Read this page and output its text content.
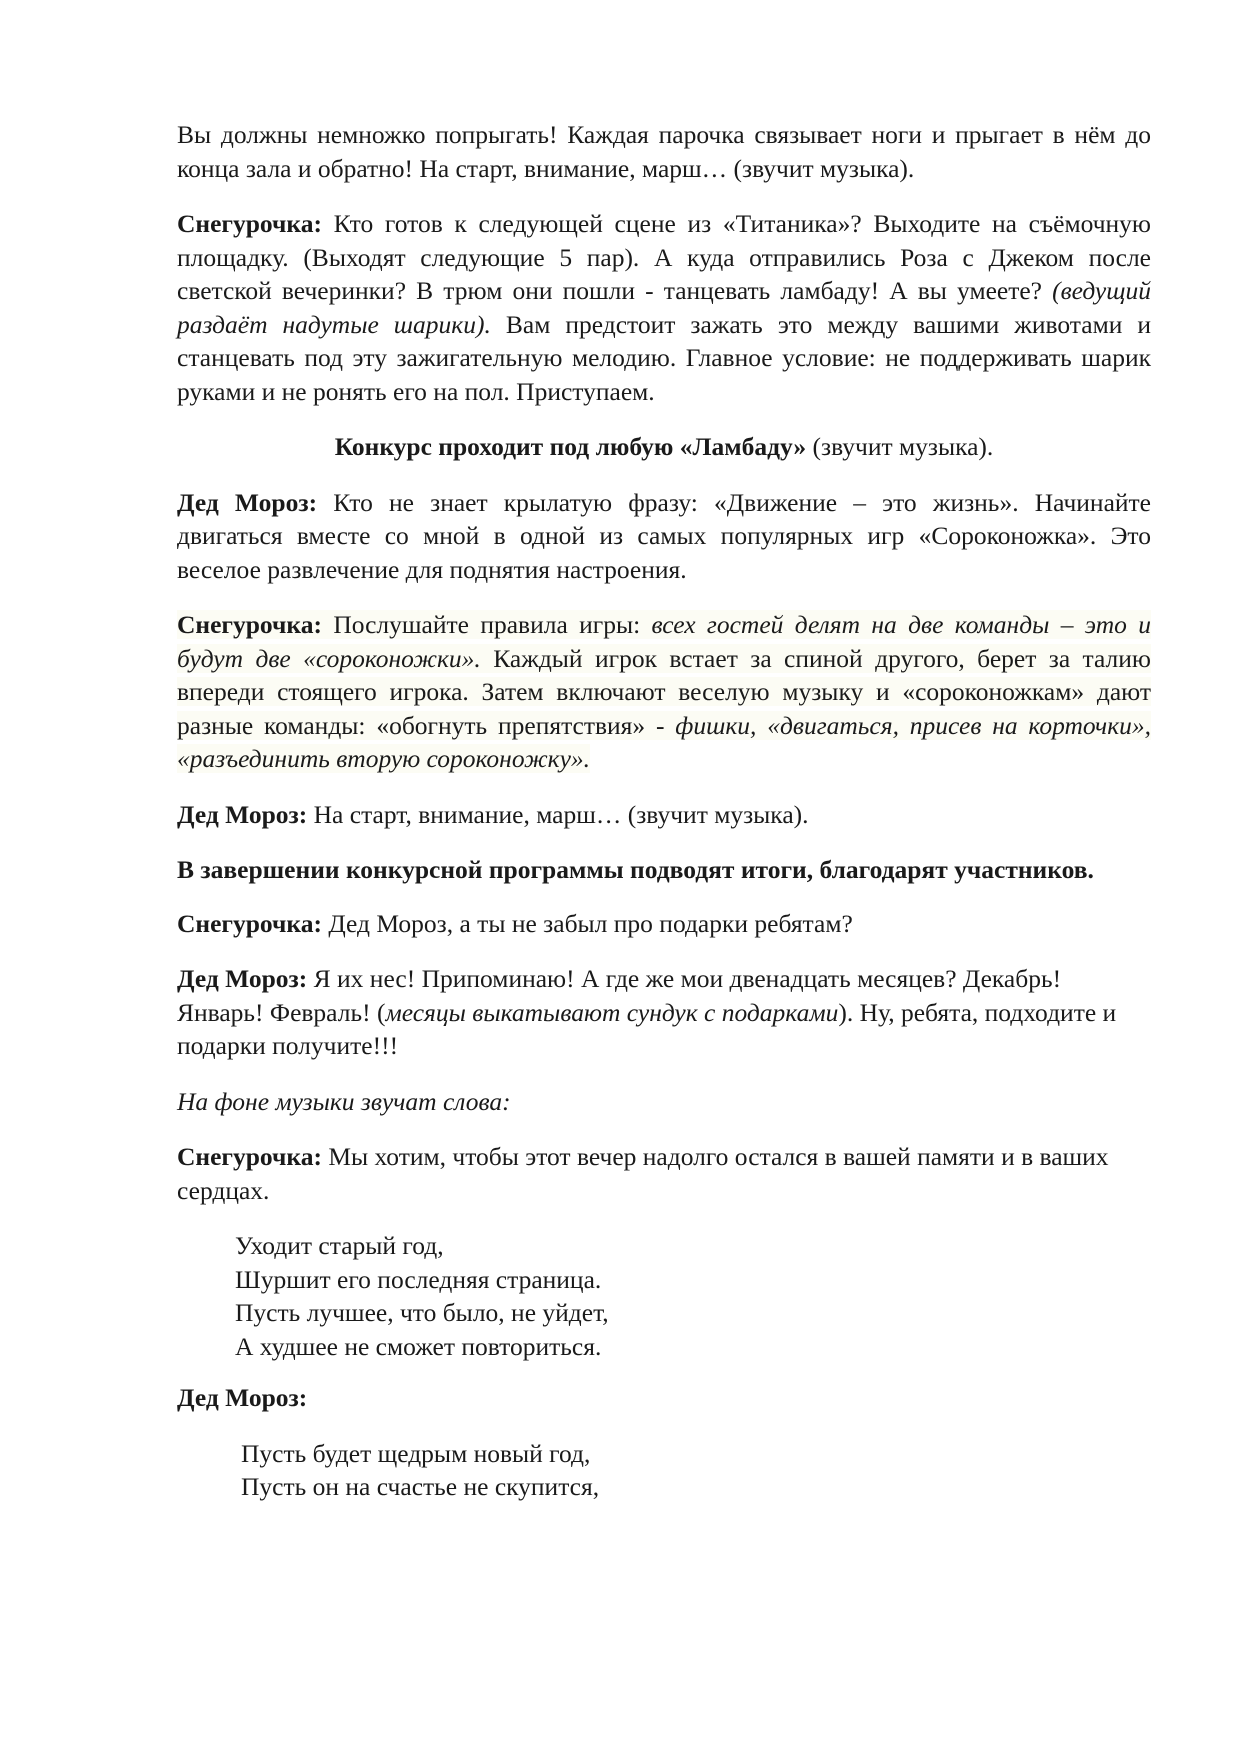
Вы должны немножко попрыгать! Каждая парочка связывает ноги и прыгает в нём до конца зала и обратно! На старт, внимание, марш… (звучит музыка).

Снегурочка: Кто готов к следующей сцене из «Титаника»? Выходите на съёмочную площадку. (Выходят следующие 5 пар). А куда отправились Роза с Джеком после светской вечеринки? В трюм они пошли - танцевать ламбаду! А вы умеете? (ведущий раздаёт надутые шарики). Вам предстоит зажать это между вашими животами и станцевать под эту зажигательную мелодию. Главное условие: не поддерживать шарик руками и не ронять его на пол. Приступаем.

Конкурс проходит под любую «Ламбаду» (звучит музыка).

Дед Мороз: Кто не знает крылатую фразу: «Движение – это жизнь». Начинайте двигаться вместе со мной в одной из самых популярных игр «Сороконожка». Это веселое развлечение для поднятия настроения.

Снегурочка: Послушайте правила игры: всех гостей делят на две команды – это и будут две «сороконожки». Каждый игрок встает за спиной другого, берет за талию впереди стоящего игрока. Затем включают веселую музыку и «сороконожкам» дают разные команды: «обогнуть препятствия» - фишки, «двигаться, присев на корточки», «разъединить вторую сороконожку».

Дед Мороз: На старт, внимание, марш… (звучит музыка).

В завершении конкурсной программы подводят итоги, благодарят участников.

Снегурочка: Дед Мороз, а ты не забыл про подарки ребятам?

Дед Мороз: Я их нес! Припоминаю! А где же мои двенадцать месяцев? Декабрь! Январь! Февраль! (месяцы выкатывают сундук с подарками). Ну, ребята, подходите и подарки получите!!!

На фоне музыки звучат слова:

Снегурочка: Мы хотим, чтобы этот вечер надолго остался в вашей памяти и в ваших сердцах.

Уходит старый год,
Шуршит его последняя страница.
Пусть лучшее, что было, не уйдет,
А худшее не сможет повториться.

Дед Мороз:

Пусть будет щедрым новый год,
Пусть он на счастье не скупится,
